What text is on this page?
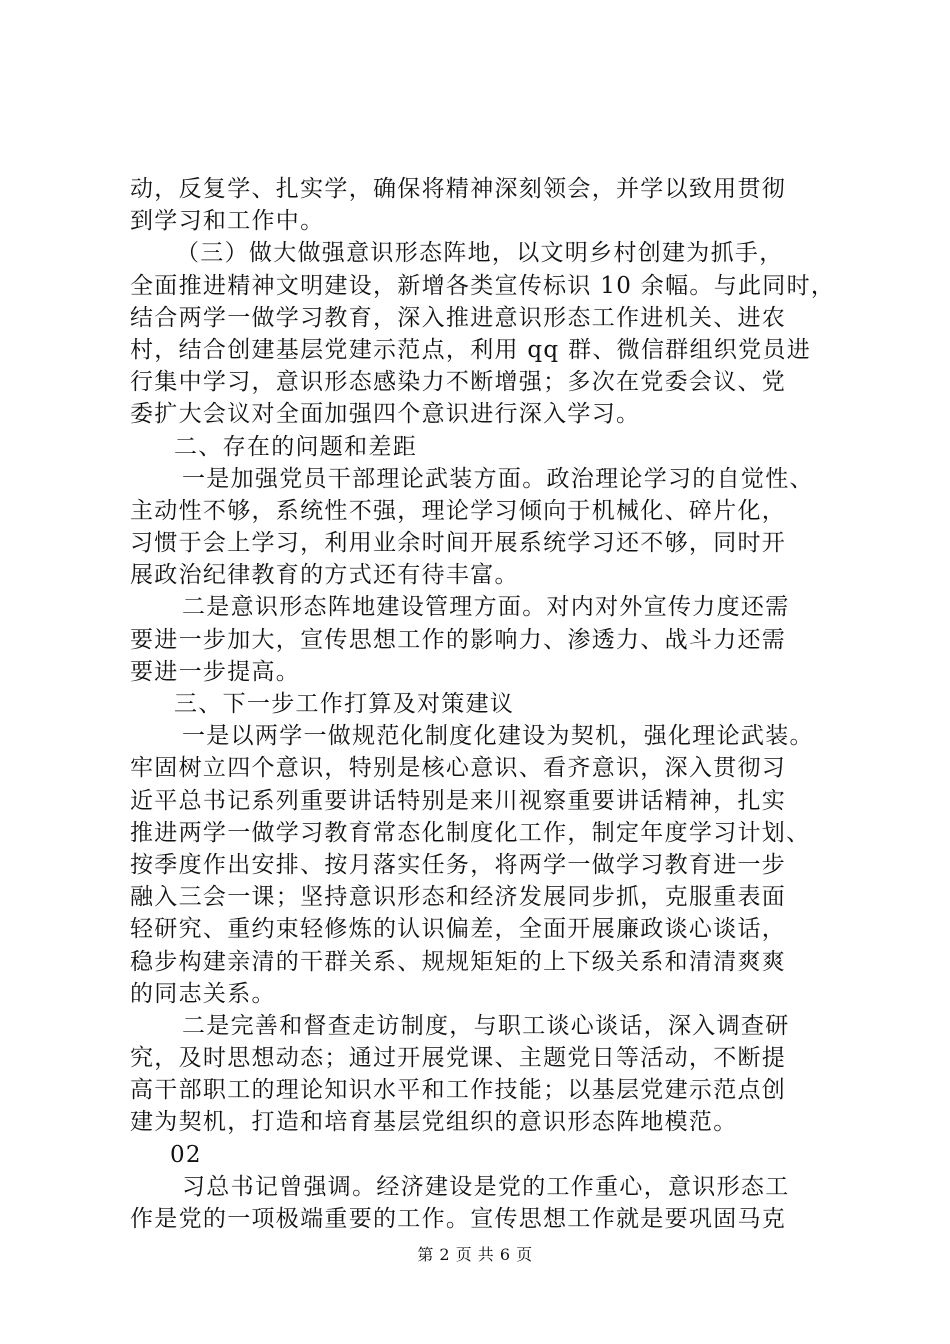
动，反复学、扎实学，确保将精神深刻领会，并学以致用贯彻
到学习和工作中。
（三）做大做强意识形态阵地，以文明乡村创建为抓手，
全面推进精神文明建设，新增各类宣传标识 10 余幅。与此同时，
结合两学一做学习教育，深入推进意识形态工作进机关、进农
村，结合创建基层党建示范点，利用 qq 群、微信群组织党员进
行集中学习，意识形态感染力不断增强；多次在党委会议、党
委扩大会议对全面加强四个意识进行深入学习。
二、存在的问题和差距
一是加强党员干部理论武装方面。政治理论学习的自觉性、
主动性不够，系统性不强，理论学习倾向于机械化、碎片化，
习惯于会上学习，利用业余时间开展系统学习还不够，同时开
展政治纪律教育的方式还有待丰富。
二是意识形态阵地建设管理方面。对内对外宣传力度还需
要进一步加大，宣传思想工作的影响力、渗透力、战斗力还需
要进一步提高。
三、下一步工作打算及对策建议
一是以两学一做规范化制度化建设为契机，强化理论武装。
牢固树立四个意识，特别是核心意识、看齐意识，深入贯彻习
近平总书记系列重要讲话特别是来川视察重要讲话精神，扎实
推进两学一做学习教育常态化制度化工作，制定年度学习计划、
按季度作出安排、按月落实任务，将两学一做学习教育进一步
融入三会一课；坚持意识形态和经济发展同步抓，克服重表面
轻研究、重约束轻修炼的认识偏差，全面开展廉政谈心谈话，
稳步构建亲清的干群关系、规规矩矩的上下级关系和清清爽爽
的同志关系。
二是完善和督查走访制度，与职工谈心谈话，深入调查研
究，及时思想动态；通过开展党课、主题党日等活动，不断提
高干部职工的理论知识水平和工作技能；以基层党建示范点创
建为契机，打造和培育基层党组织的意识形态阵地模范。
02
习总书记曾强调。经济建设是党的工作重心，意识形态工
作是党的一项极端重要的工作。宣传思想工作就是要巩固马克
第 2 页 共 6 页
